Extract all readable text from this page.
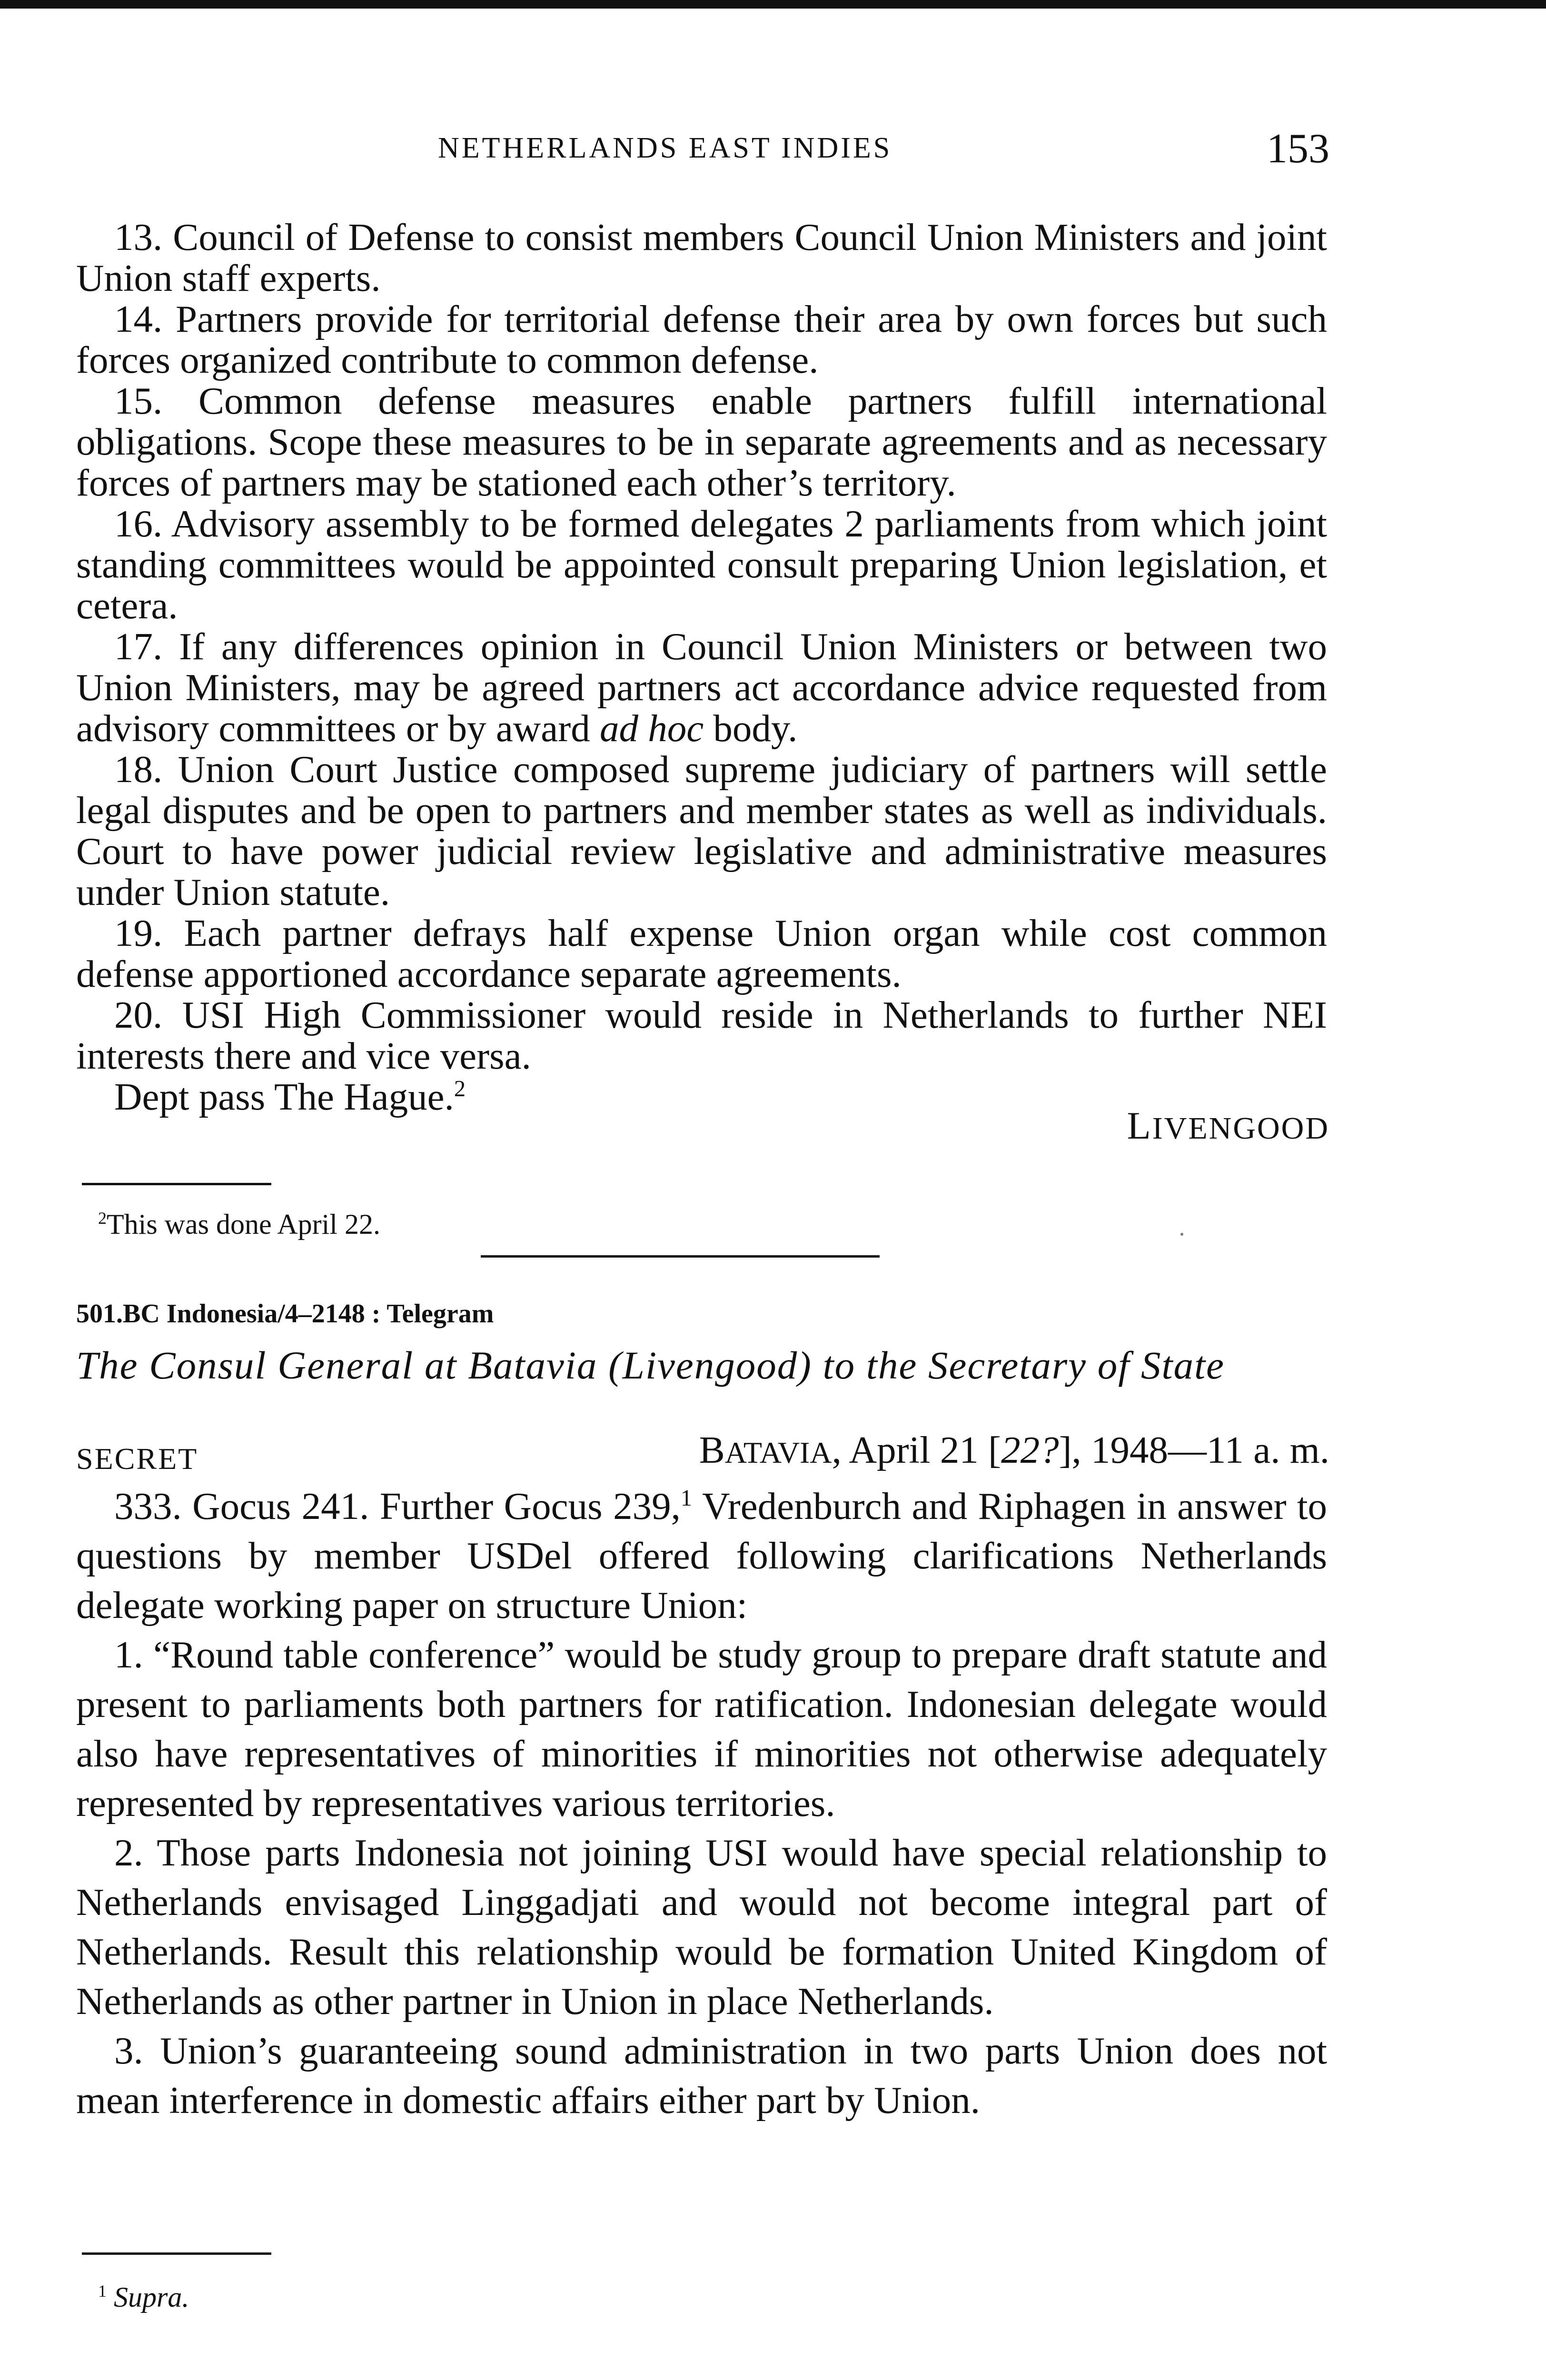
NETHERLANDS EAST INDIES	153

13. Council of Defense to consist members Council Union Ministers and joint Union staff experts.

14. Partners provide for territorial defense their area by own forces but such forces organized contribute to common defense.

15. Common defense measures enable partners fulfill international obligations. Scope these measures to be in separate agreements and as necessary forces of partners may be stationed each other’s territory.

16. Advisory assembly to be formed delegates 2 parliaments from which joint standing committees would be appointed consult preparing Union legislation, et cetera.

17. If any differences opinion in Council Union Ministers or between two Union Ministers, may be agreed partners act accordance advice requested from advisory committees or by award ad hoc body.

18. Union Court Justice composed supreme judiciary of partners will settle legal disputes and be open to partners and member states as well as individuals. Court to have power judicial review legislative and administrative measures under Union statute.

19. Each partner defrays half expense Union organ while cost common defense apportioned accordance separate agreements.

20. USI High Commissioner would reside in Netherlands to further NEI interests there and vice versa.

Dept pass The Hague.$^2$

LIVENGOOD
$^2$This was done April 22.
501.BC Indonesia/4–2148 : Telegram
The Consul General at Batavia (Livengood) to the Secretary of State
SECRET	BATAVIA, April 21 [22?], 1948—11 a. m.

333. Gocus 241. Further Gocus 239,$^1$ Vredenburch and Riphagen in answer to questions by member USDel offered following clarifications Netherlands delegate working paper on structure Union:

1. “Round table conference” would be study group to prepare draft statute and present to parliaments both partners for ratification. Indonesian delegate would also have representatives of minorities if minorities not otherwise adequately represented by representatives various territories.

2. Those parts Indonesia not joining USI would have special relationship to Netherlands envisaged Linggadjati and would not become integral part of Netherlands. Result this relationship would be formation United Kingdom of Netherlands as other partner in Union in place Netherlands.

3. Union’s guaranteeing sound administration in two parts Union does not mean interference in domestic affairs either part by Union.

$^1$ Supra.
